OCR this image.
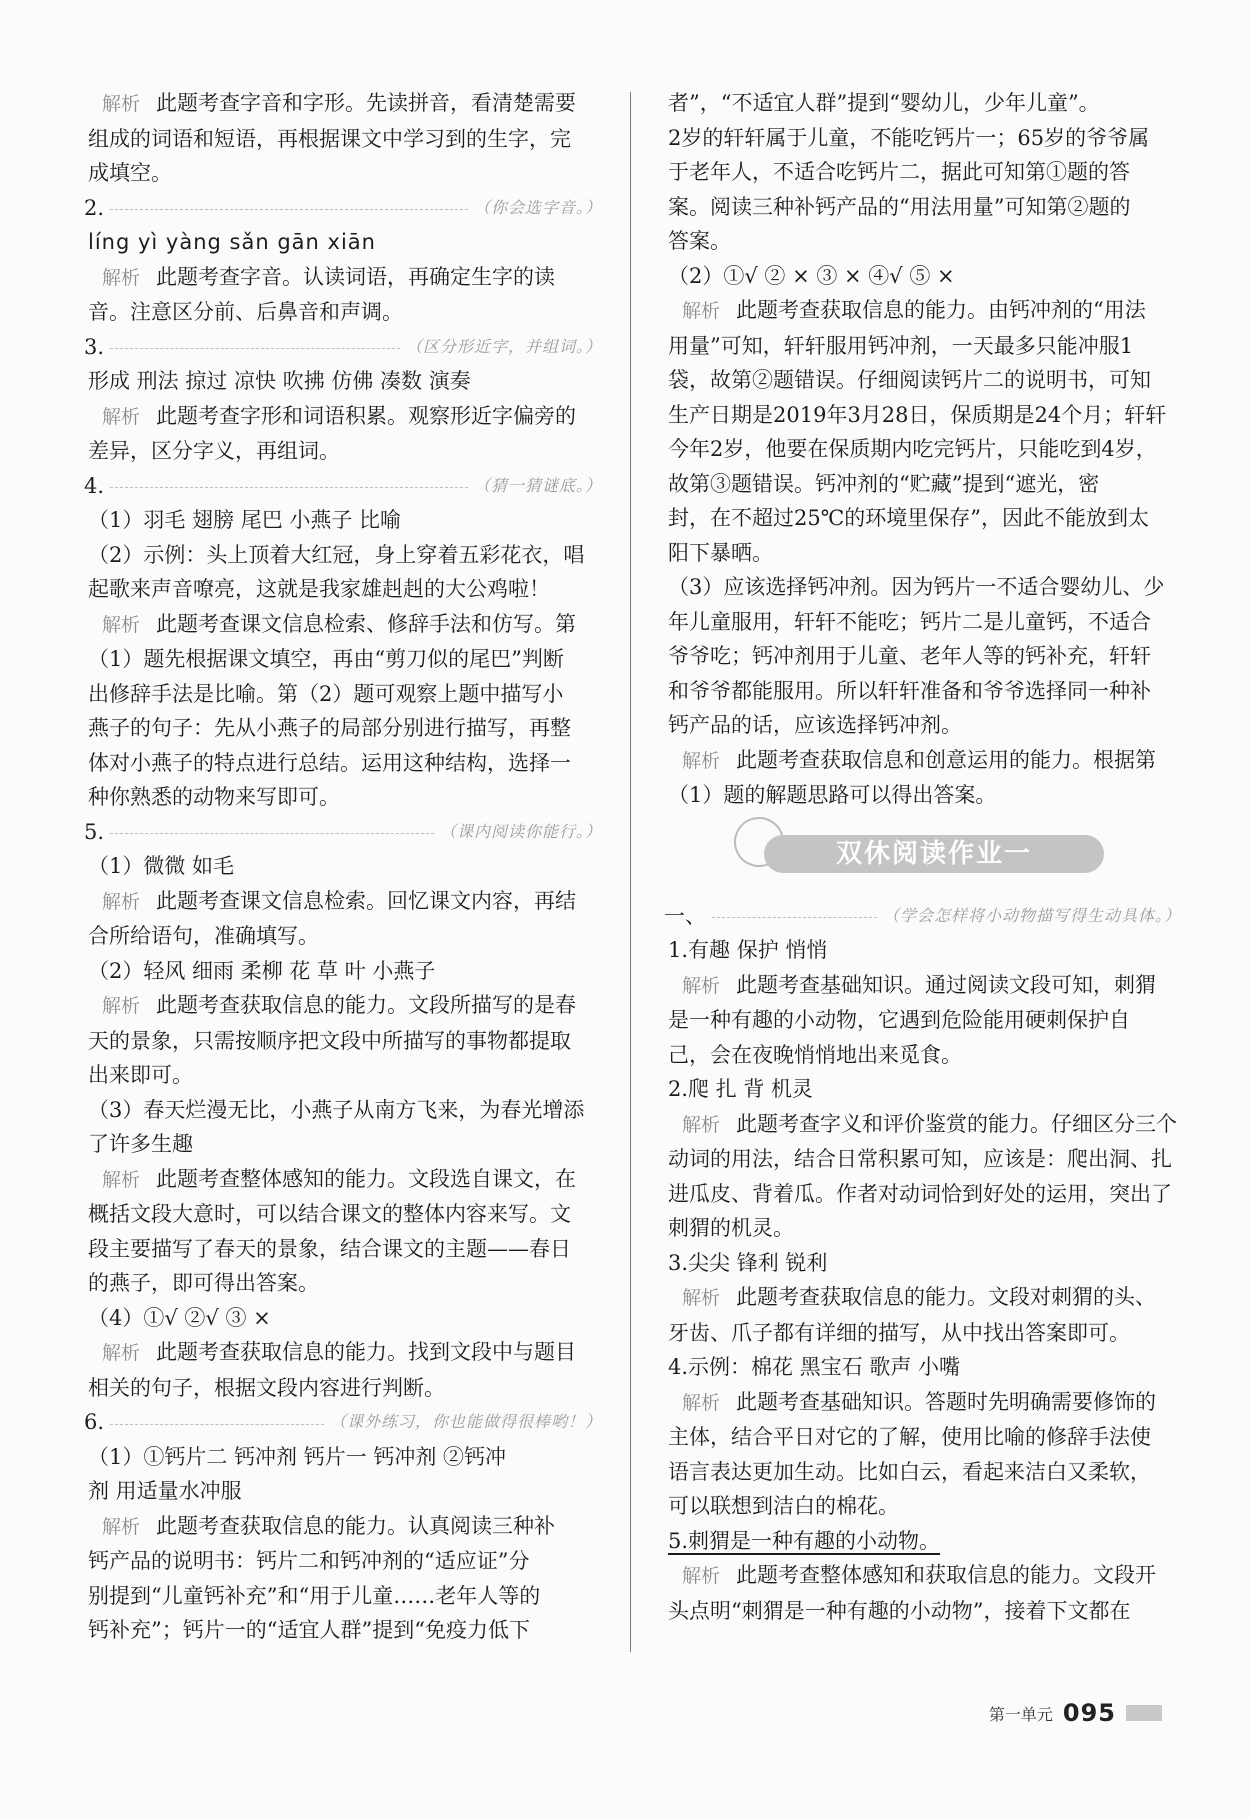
解析 此题考查字音和字形。先读拼音，看清楚需要
组成的词语和短语，再根据课文中学习到的生字，完
成填空。
2.	（你会选字音。）
líng yì yàng sǎn gān xiān
解析 此题考查字音。认读词语，再确定生字的读
音。注意区分前、后鼻音和声调。
3.	（区分形近字，并组词。）
形成 刑法 掠过 凉快 吹拂 仿佛 凑数 演奏
解析 此题考查字形和词语积累。观察形近字偏旁的
差异，区分字义，再组词。
4.	（猜一猜谜底。）
（1）羽毛 翅膀 尾巴 小燕子 比喻
（2）示例：头上顶着大红冠，身上穿着五彩花衣，唱
起歌来声音嘹亮，这就是我家雄赳赳的大公鸡啦！
解析 此题考查课文信息检索、修辞手法和仿写。第
（1）题先根据课文填空，再由“剪刀似的尾巴”判断
出修辞手法是比喻。第（2）题可观察上题中描写小
燕子的句子：先从小燕子的局部分别进行描写，再整
体对小燕子的特点进行总结。运用这种结构，选择一
种你熟悉的动物来写即可。
5.	（课内阅读你能行。）
（1）微微 如毛
解析 此题考查课文信息检索。回忆课文内容，再结
合所给语句，准确填写。
（2）轻风 细雨 柔柳 花 草 叶 小燕子
解析 此题考查获取信息的能力。文段所描写的是春
天的景象，只需按顺序把文段中所描写的事物都提取
出来即可。
（3）春天烂漫无比，小燕子从南方飞来，为春光增添
了许多生趣
解析 此题考查整体感知的能力。文段选自课文，在
概括文段大意时，可以结合课文的整体内容来写。文
段主要描写了春天的景象，结合课文的主题——春日
的燕子，即可得出答案。
（4）①√ ②√ ③ ×
解析 此题考查获取信息的能力。找到文段中与题目
相关的句子，根据文段内容进行判断。
6.	（课外练习，你也能做得很棒哟！）
（1）①钙片二 钙冲剂 钙片一 钙冲剂 ②钙冲
剂 用适量水冲服
解析 此题考查获取信息的能力。认真阅读三种补
钙产品的说明书：钙片二和钙冲剂的“适应证”分
别提到“儿童钙补充”和“用于儿童……老年人等的
钙补充”；钙片一的“适宜人群”提到“免疫力低下
者”，“不适宜人群”提到“婴幼儿，少年儿童”。
2岁的轩轩属于儿童，不能吃钙片一；65岁的爷爷属
于老年人，不适合吃钙片二，据此可知第①题的答
案。阅读三种补钙产品的“用法用量”可知第②题的
答案。
（2）①√ ② × ③ × ④√ ⑤ ×
解析 此题考查获取信息的能力。由钙冲剂的“用法
用量”可知，轩轩服用钙冲剂，一天最多只能冲服1
袋，故第②题错误。仔细阅读钙片二的说明书，可知
生产日期是2019年3月28日，保质期是24个月；轩轩
今年2岁，他要在保质期内吃完钙片，只能吃到4岁，
故第③题错误。钙冲剂的“贮藏”提到“遮光，密
封，在不超过25℃的环境里保存”，因此不能放到太
阳下暴晒。
（3）应该选择钙冲剂。因为钙片一不适合婴幼儿、少
年儿童服用，轩轩不能吃；钙片二是儿童钙，不适合
爷爷吃；钙冲剂用于儿童、老年人等的钙补充，轩轩
和爷爷都能服用。所以轩轩准备和爷爷选择同一种补
钙产品的话，应该选择钙冲剂。
解析 此题考查获取信息和创意运用的能力。根据第
（1）题的解题思路可以得出答案。
双休阅读作业一
一、	（学会怎样将小动物描写得生动具体。）
1.有趣 保护 悄悄
解析 此题考查基础知识。通过阅读文段可知，刺猬
是一种有趣的小动物，它遇到危险能用硬刺保护自
己，会在夜晚悄悄地出来觅食。
2.爬 扎 背 机灵
解析 此题考查字义和评价鉴赏的能力。仔细区分三个
动词的用法，结合日常积累可知，应该是：爬出洞、扎
进瓜皮、背着瓜。作者对动词恰到好处的运用，突出了
刺猬的机灵。
3.尖尖 锋利 锐利
解析 此题考查获取信息的能力。文段对刺猬的头、
牙齿、爪子都有详细的描写，从中找出答案即可。
4.示例：棉花 黑宝石 歌声 小嘴
解析 此题考查基础知识。答题时先明确需要修饰的
主体，结合平日对它的了解，使用比喻的修辞手法使
语言表达更加生动。比如白云，看起来洁白又柔软，
可以联想到洁白的棉花。
5.刺猬是一种有趣的小动物。
解析 此题考查整体感知和获取信息的能力。文段开
头点明“刺猬是一种有趣的小动物”，接着下文都在
第一单元 095
